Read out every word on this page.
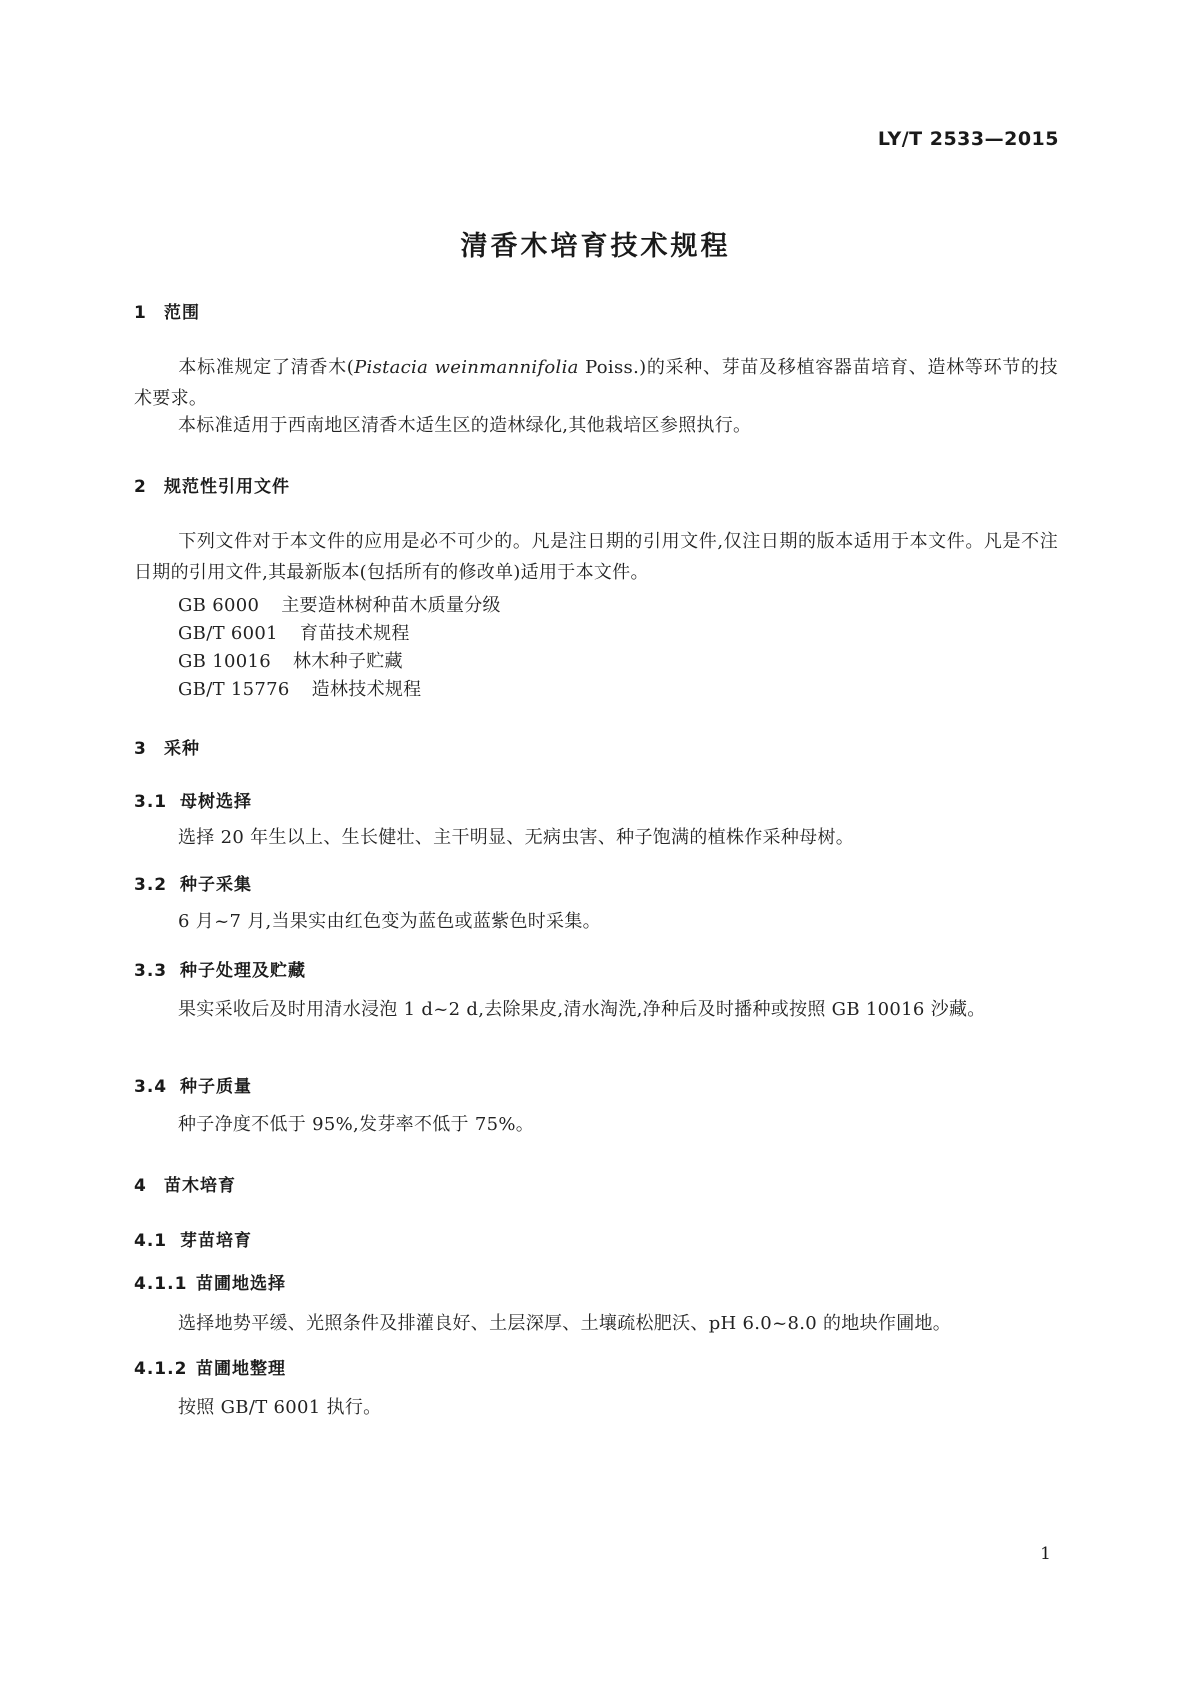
LY/T 2533—2015
清香木培育技术规程
1 范围
本标准规定了清香木(Pistacia weinmannifolia Poiss.)的采种、芽苗及移植容器苗培育、造林等环节的技术要求。
本标准适用于西南地区清香木适生区的造林绿化,其他栽培区参照执行。
2 规范性引用文件
下列文件对于本文件的应用是必不可少的。凡是注日期的引用文件,仅注日期的版本适用于本文件。凡是不注日期的引用文件,其最新版本(包括所有的修改单)适用于本文件。
GB 6000 主要造林树种苗木质量分级
GB/T 6001 育苗技术规程
GB 10016 林木种子贮藏
GB/T 15776 造林技术规程
3 采种
3.1 母树选择
选择 20 年生以上、生长健壮、主干明显、无病虫害、种子饱满的植株作采种母树。
3.2 种子采集
6 月~7 月,当果实由红色变为蓝色或蓝紫色时采集。
3.3 种子处理及贮藏
果实采收后及时用清水浸泡 1 d~2 d,去除果皮,清水淘洗,净种后及时播种或按照 GB 10016 沙藏。
3.4 种子质量
种子净度不低于 95%,发芽率不低于 75%。
4 苗木培育
4.1 芽苗培育
4.1.1 苗圃地选择
选择地势平缓、光照条件及排灌良好、土层深厚、土壤疏松肥沃、pH 6.0~8.0 的地块作圃地。
4.1.2 苗圃地整理
按照 GB/T 6001 执行。
1
